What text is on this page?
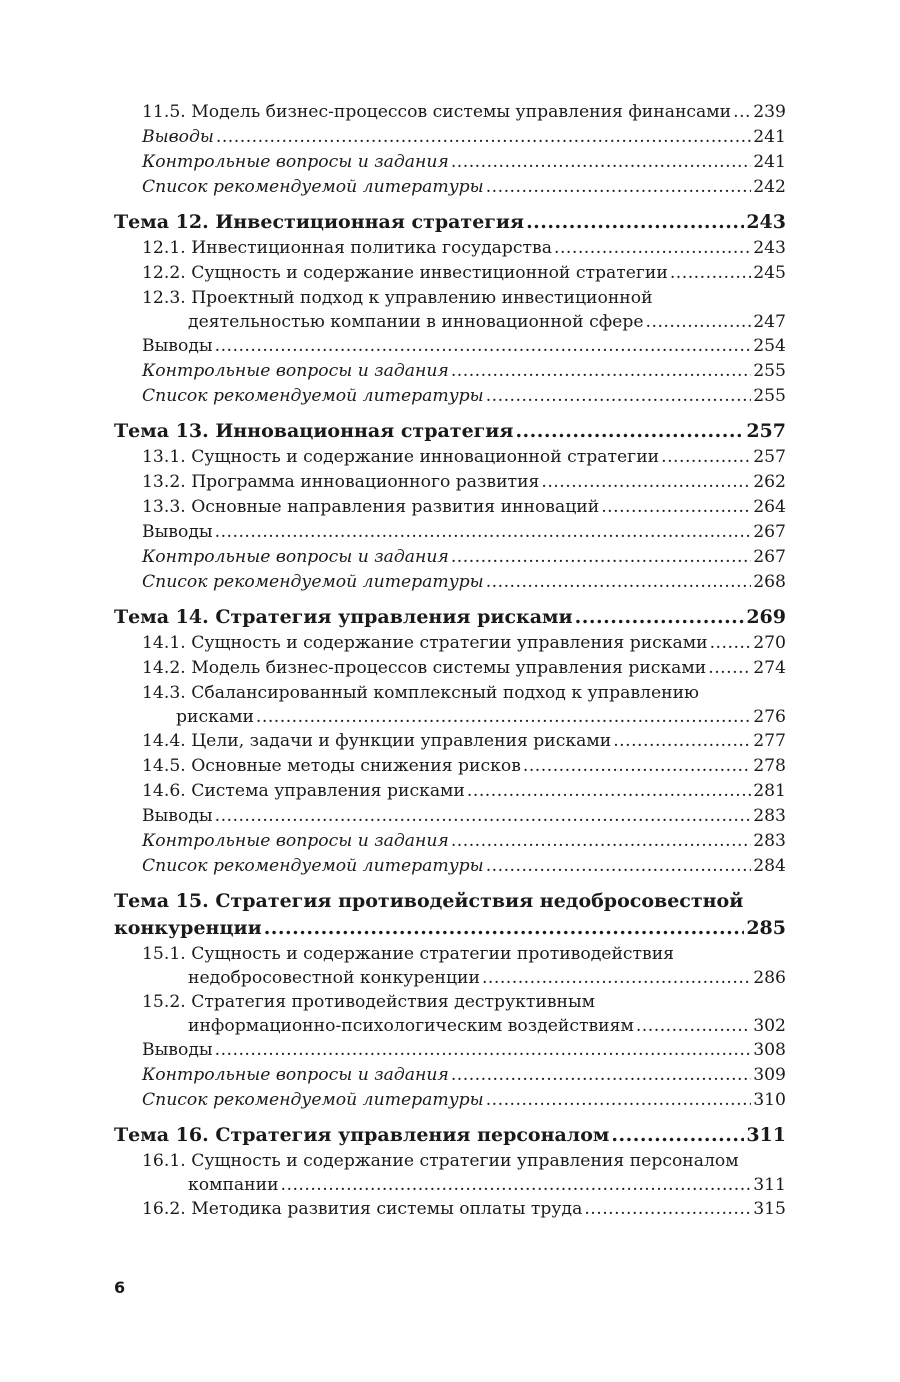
11.5. Модель бизнес-процессов системы управления финансами ..... 239
Выводы .....	241
Контрольные вопросы и задания .....	241
Список рекомендуемой литературы .....	242
Тема 12. Инвестиционная стратегия .....	243
12.1. Инвестиционная политика государства .....	243
12.2. Сущность и содержание инвестиционной стратегии .....	245
12.3. Проектный подход к управлению инвестиционной
деятельностью компании в инновационной сфере .....	247
Выводы .....	254
Контрольные вопросы и задания .....	255
Список рекомендуемой литературы .....	255
Тема 13. Инновационная стратегия .....	257
13.1. Сущность и содержание инновационной стратегии .....	257
13.2. Программа инновационного развития .....	262
13.3. Основные направления развития инноваций .....	264
Выводы .....	267
Контрольные вопросы и задания .....	267
Список рекомендуемой литературы .....	268
Тема 14. Стратегия управления рисками .....	269
14.1. Сущность и содержание стратегии управления рисками .....	270
14.2. Модель бизнес-процессов системы управления рисками .....	274
14.3. Сбалансированный комплексный подход к управлению
рисками .....	276
14.4. Цели, задачи и функции управления рисками .....	277
14.5. Основные методы снижения рисков .....	278
14.6. Система управления рисками .....	281
Выводы .....	283
Контрольные вопросы и задания .....	283
Список рекомендуемой литературы .....	284
Тема 15. Стратегия противодействия недобросовестной
конкуренции .....	285
15.1. Сущность и содержание стратегии противодействия
недобросовестной конкуренции .....	286
15.2. Стратегия противодействия деструктивным
информационно-психологическим воздействиям .....	302
Выводы .....	308
Контрольные вопросы и задания .....	309
Список рекомендуемой литературы .....	310
Тема 16. Стратегия управления персоналом .....	311
16.1. Сущность и содержание стратегии управления персоналом
компании .....	311
16.2. Методика развития системы оплаты труда .....	315
6
